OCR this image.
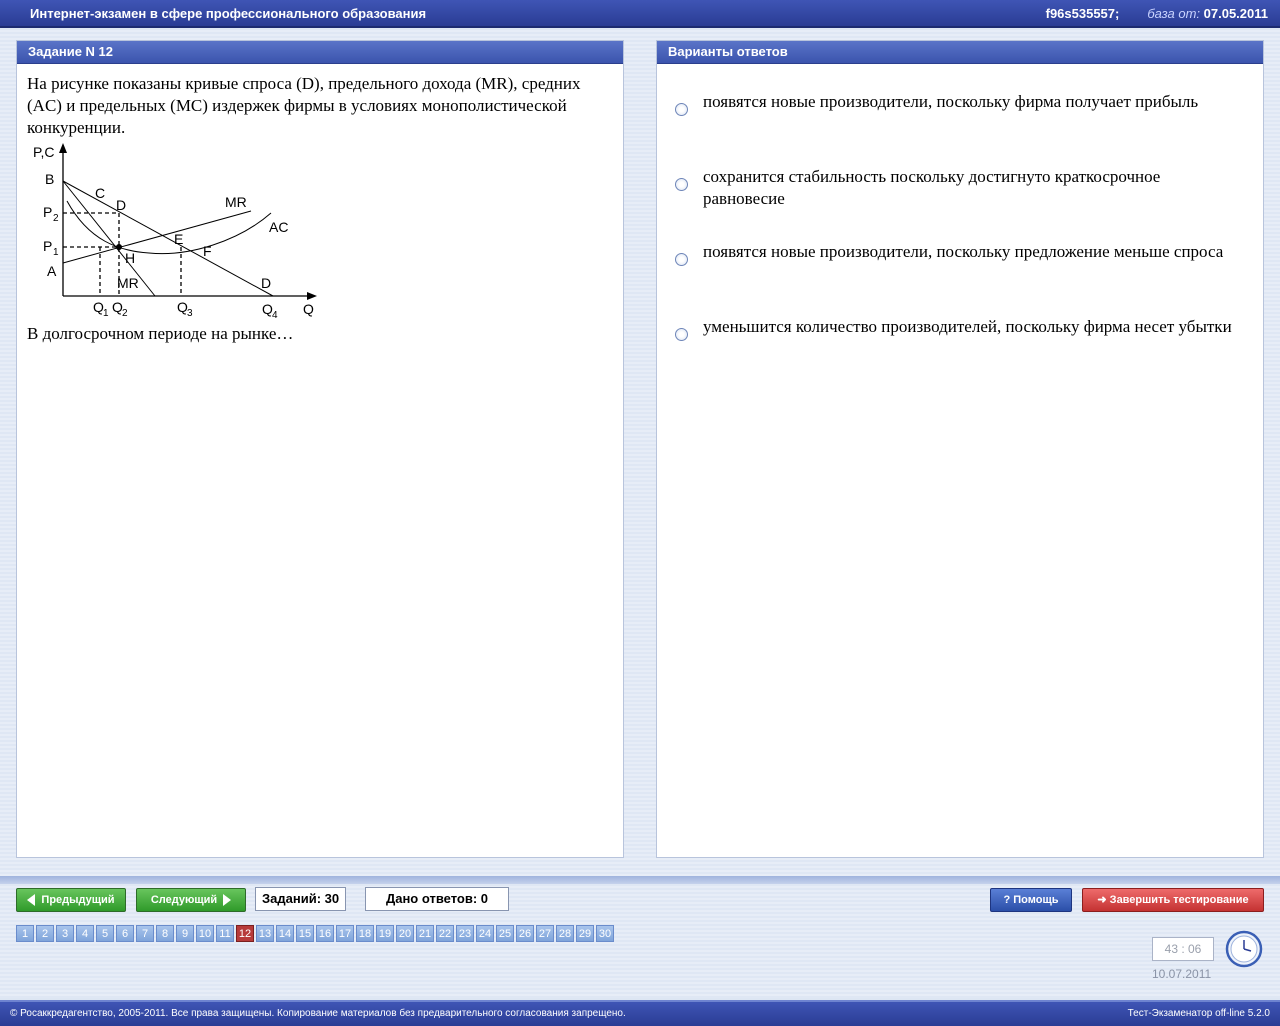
Интернет-экзамен в сфере профессионального образования	f96s535557; база от: 07.05.2011
Задание N 12
На рисунке показаны кривые спроса (D), предельного дохода (MR), средних (AC) и предельных (MC) издержек фирмы в условиях монополистической конкуренции.
P,C
B
C
D
P 2
P 1
A
H
E
F
MR
MR
AC
D
Q
Q 1 Q 2	Q 3	Q 4
В долгосрочном периоде на рынке…
Варианты ответов
появятся новые производители, поскольку фирма получает прибыль
сохранится стабильность поскольку достигнуто краткосрочное равновесие
появятся новые производители, поскольку предложение меньше спроса
уменьшится количество производителей, поскольку фирма несет убытки
Предыдущий	Следующий	Заданий: 30	Дано ответов: 0	? Помощь	➜ Завершить тестирование
1	2	3	4	5	6	7	8	9 10 11 12 13 14 15 16 17 18 19 20 21 22 23 24 25 26 27 28 29 30
43 : 06
10.07.2011
© Росаккредагентство, 2005-2011. Все права защищены. Копирование материалов без предварительного согласования запрещено.	Тест-Экзаменатор off-line 5.2.0
